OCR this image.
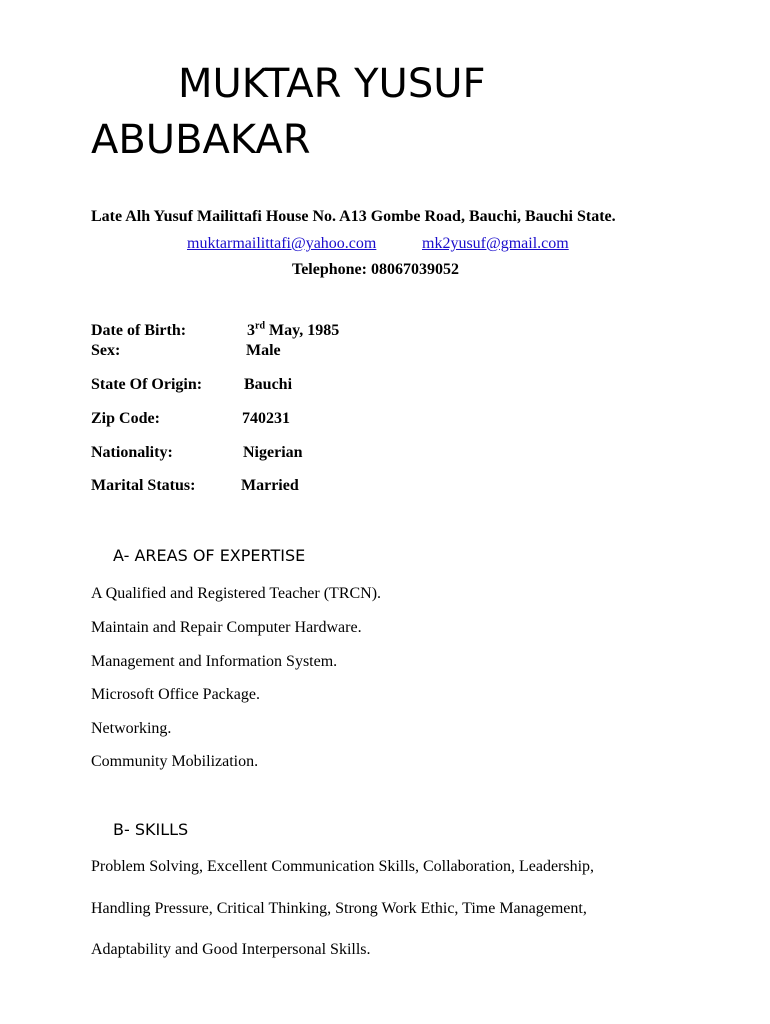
MUKTAR YUSUF
ABUBAKAR
Late Alh Yusuf Mailittafi House No. A13 Gombe Road, Bauchi, Bauchi State.
muktarmailittafi@yahoo.com	mk2yusuf@gmail.com
Telephone: 08067039052
Date of Birth:	3rd May, 1985
Sex:	Male
State Of Origin:	Bauchi
Zip Code:	740231
Nationality:	Nigerian
Marital Status:	Married
A- AREAS OF EXPERTISE
A Qualified and Registered Teacher (TRCN).
Maintain and Repair Computer Hardware.
Management and Information System.
Microsoft Office Package.
Networking.
Community Mobilization.
B- SKILLS
Problem Solving, Excellent Communication Skills, Collaboration, Leadership,
Handling Pressure, Critical Thinking, Strong Work Ethic, Time Management,
Adaptability and Good Interpersonal Skills.
